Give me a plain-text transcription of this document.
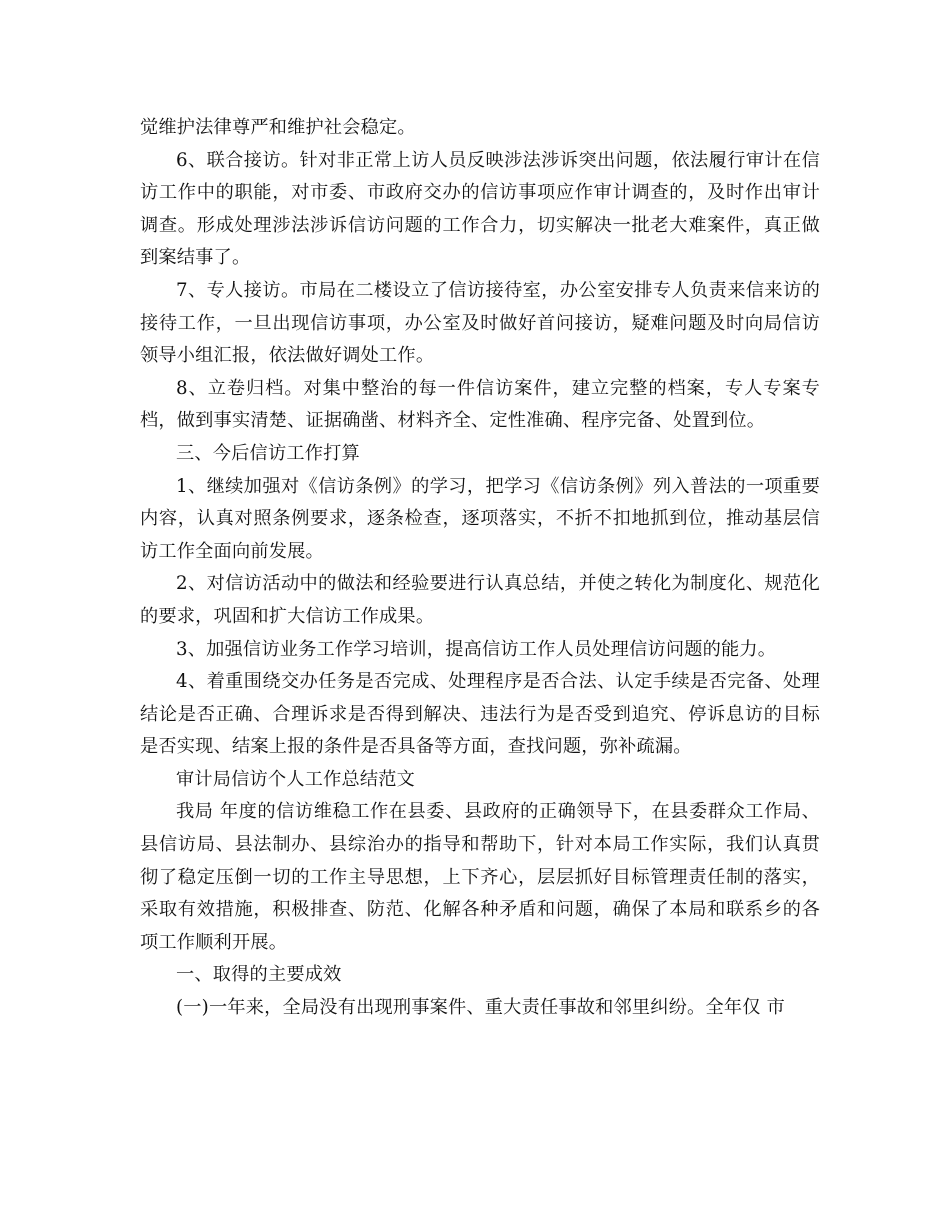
觉维护法律尊严和维护社会稳定。

6、联合接访。针对非正常上访人员反映涉法涉诉突出问题，依法履行审计在信访工作中的职能，对市委、市政府交办的信访事项应作审计调查的，及时作出审计调查。形成处理涉法涉诉信访问题的工作合力，切实解决一批老大难案件，真正做到案结事了。

7、专人接访。市局在二楼设立了信访接待室，办公室安排专人负责来信来访的接待工作，一旦出现信访事项，办公室及时做好首问接访，疑难问题及时向局信访领导小组汇报，依法做好调处工作。

8、立卷归档。对集中整治的每一件信访案件，建立完整的档案，专人专案专档，做到事实清楚、证据确凿、材料齐全、定性准确、程序完备、处置到位。

三、今后信访工作打算

1、继续加强对《信访条例》的学习，把学习《信访条例》列入普法的一项重要内容，认真对照条例要求，逐条检查，逐项落实，不折不扣地抓到位，推动基层信访工作全面向前发展。

2、对信访活动中的做法和经验要进行认真总结，并使之转化为制度化、规范化的要求，巩固和扩大信访工作成果。

3、加强信访业务工作学习培训，提高信访工作人员处理信访问题的能力。

4、着重围绕交办任务是否完成、处理程序是否合法、认定手续是否完备、处理结论是否正确、合理诉求是否得到解决、违法行为是否受到追究、停诉息访的目标是否实现、结案上报的条件是否具备等方面，查找问题，弥补疏漏。

审计局信访个人工作总结范文

我局 年度的信访维稳工作在县委、县政府的正确领导下，在县委群众工作局、县信访局、县法制办、县综治办的指导和帮助下，针对本局工作实际，我们认真贯彻了稳定压倒一切的工作主导思想，上下齐心，层层抓好目标管理责任制的落实，采取有效措施，积极排查、防范、化解各种矛盾和问题，确保了本局和联系乡的各项工作顺利开展。

一、取得的主要成效

(一)一年来，全局没有出现刑事案件、重大责任事故和邻里纠纷。全年仅 市
